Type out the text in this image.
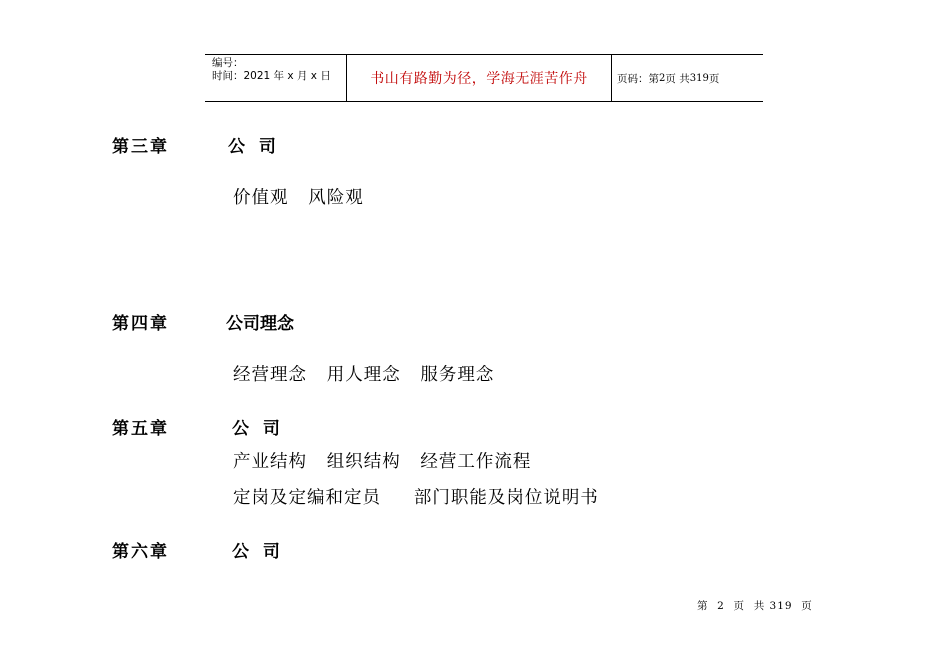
编号：
时间：2021 年 x 月 x 日	书山有路勤为径，学海无涯苦作舟	页码：第 2 页 共 319 页
第三章	公 司
价值观   风险观
第四章	公司理念
经营理念   用人理念   服务理念
第五章	公 司
产业结构   组织结构   经营工作流程
定岗及定编和定员     部门职能及岗位说明书
第六章	公 司
第  2  页  共 319  页
